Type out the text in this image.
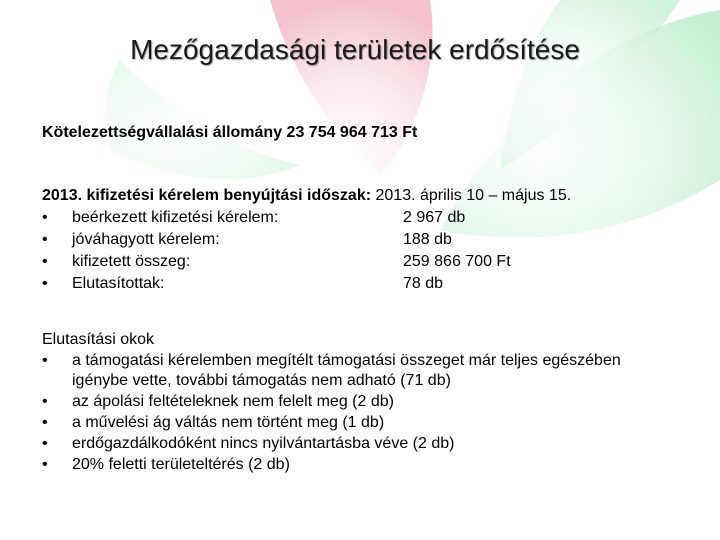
Mezőgazdasági területek erdősítése
Kötelezettségvállalási állomány 23 754 964 713 Ft
2013. kifizetési kérelem benyújtási időszak: 2013. április 10 – május 15.
• beérkezett kifizetési kérelem:	2 967 db
• jóváhagyott kérelem:	188 db
• kifizetett összeg:	259 866 700 Ft
• Elutasítottak:	78 db
Elutasítási okok
• a támogatási kérelemben megítélt támogatási összeget már teljes egészében igénybe vette, további támogatás nem adható (71 db)
• az ápolási feltételeknek nem felelt meg (2 db)
• a művelési ág váltás nem történt meg (1 db)
• erdőgazdálkodóként nincs nyilvántartásba véve (2 db)
• 20% feletti területeltérés (2 db)
